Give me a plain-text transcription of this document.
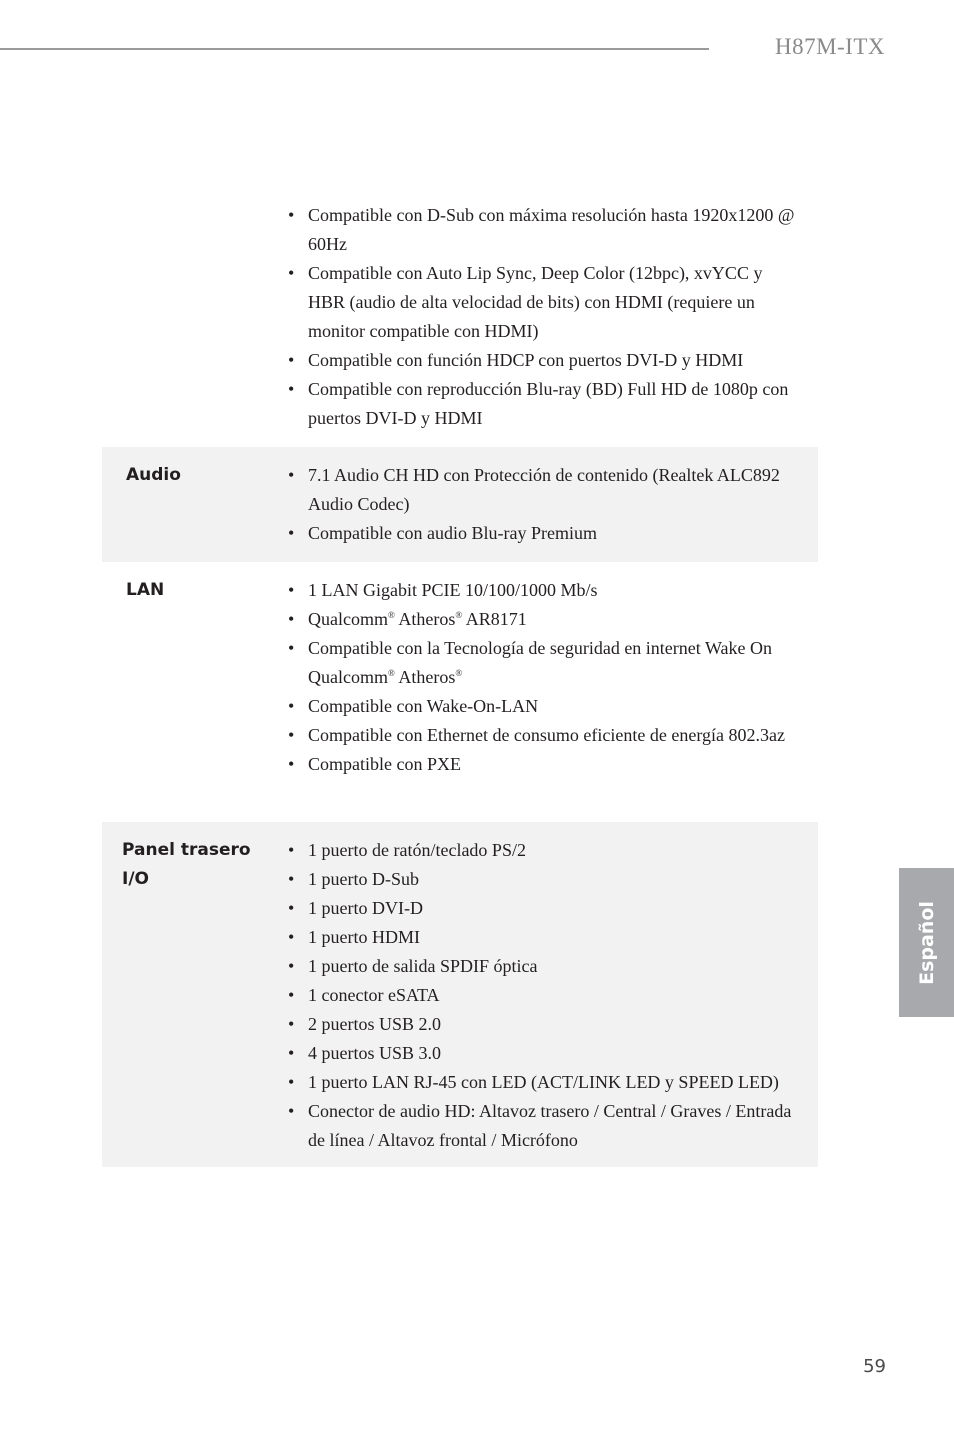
H87M-ITX
• Compatible con D-Sub con máxima resolución hasta 1920x1200 @ 60Hz
• Compatible con Auto Lip Sync, Deep Color (12bpc), xvYCC y HBR (audio de alta velocidad de bits) con HDMI (requiere un monitor compatible con HDMI)
• Compatible con función HDCP con puertos DVI-D y HDMI
• Compatible con reproducción Blu-ray (BD) Full HD de 1080p con puertos DVI-D y HDMI
Audio	• 7.1 Audio CH HD con Protección de contenido (Realtek ALC892 Audio Codec)
• Compatible con audio Blu-ray Premium
LAN	• 1 LAN Gigabit PCIE 10/100/1000 Mb/s
• Qualcomm® Atheros® AR8171
• Compatible con la Tecnología de seguridad en internet Wake On Qualcomm® Atheros®
• Compatible con Wake-On-LAN
• Compatible con Ethernet de consumo eficiente de energía 802.3az
• Compatible con PXE
Panel trasero
I/O
• 1 puerto de ratón/teclado PS/2
• 1 puerto D-Sub
• 1 puerto DVI-D
• 1 puerto HDMI
• 1 puerto de salida SPDIF óptica
• 1 conector eSATA
• 2 puertos USB 2.0
• 4 puertos USB 3.0
• 1 puerto LAN RJ-45 con LED (ACT/LINK LED y SPEED LED)
• Conector de audio HD: Altavoz trasero / Central / Graves / Entrada de línea / Altavoz frontal / Micrófono
Español
59
